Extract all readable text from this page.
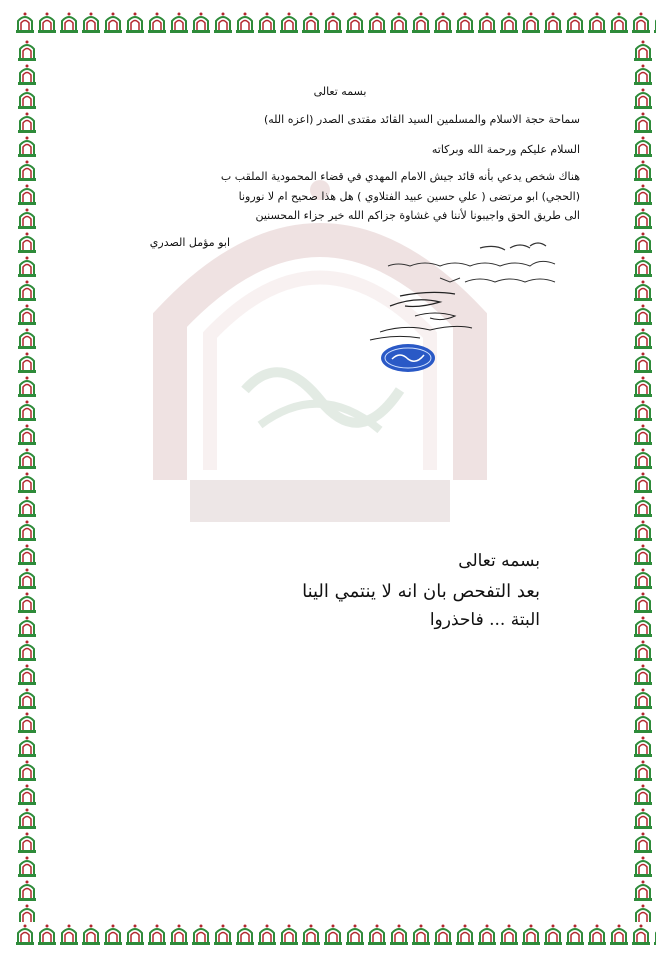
بسمه تعالى
سماحة حجة الاسلام والمسلمين السيد القائد مقتدى الصدر (اعزه الله)
السلام عليكم ورحمة الله وبركاته
هناك شخص يدعي بأنه قائد جيش الامام المهدي في قضاء المحمودية الملقب ب
(الحجي) ابو مرتضى ( علي حسين عبيد الفتلاوي ) هل هذا صحيح ام لا نورونا
الى طريق الحق واجيبونا لأننا في غشاوة جزاكم الله خير جزاء المحسنين
ابو مؤمل الصدري
بسمه تعالى
بعد التفحص بان انه لا ينتمي الينا
البتة ... فاحذروا
